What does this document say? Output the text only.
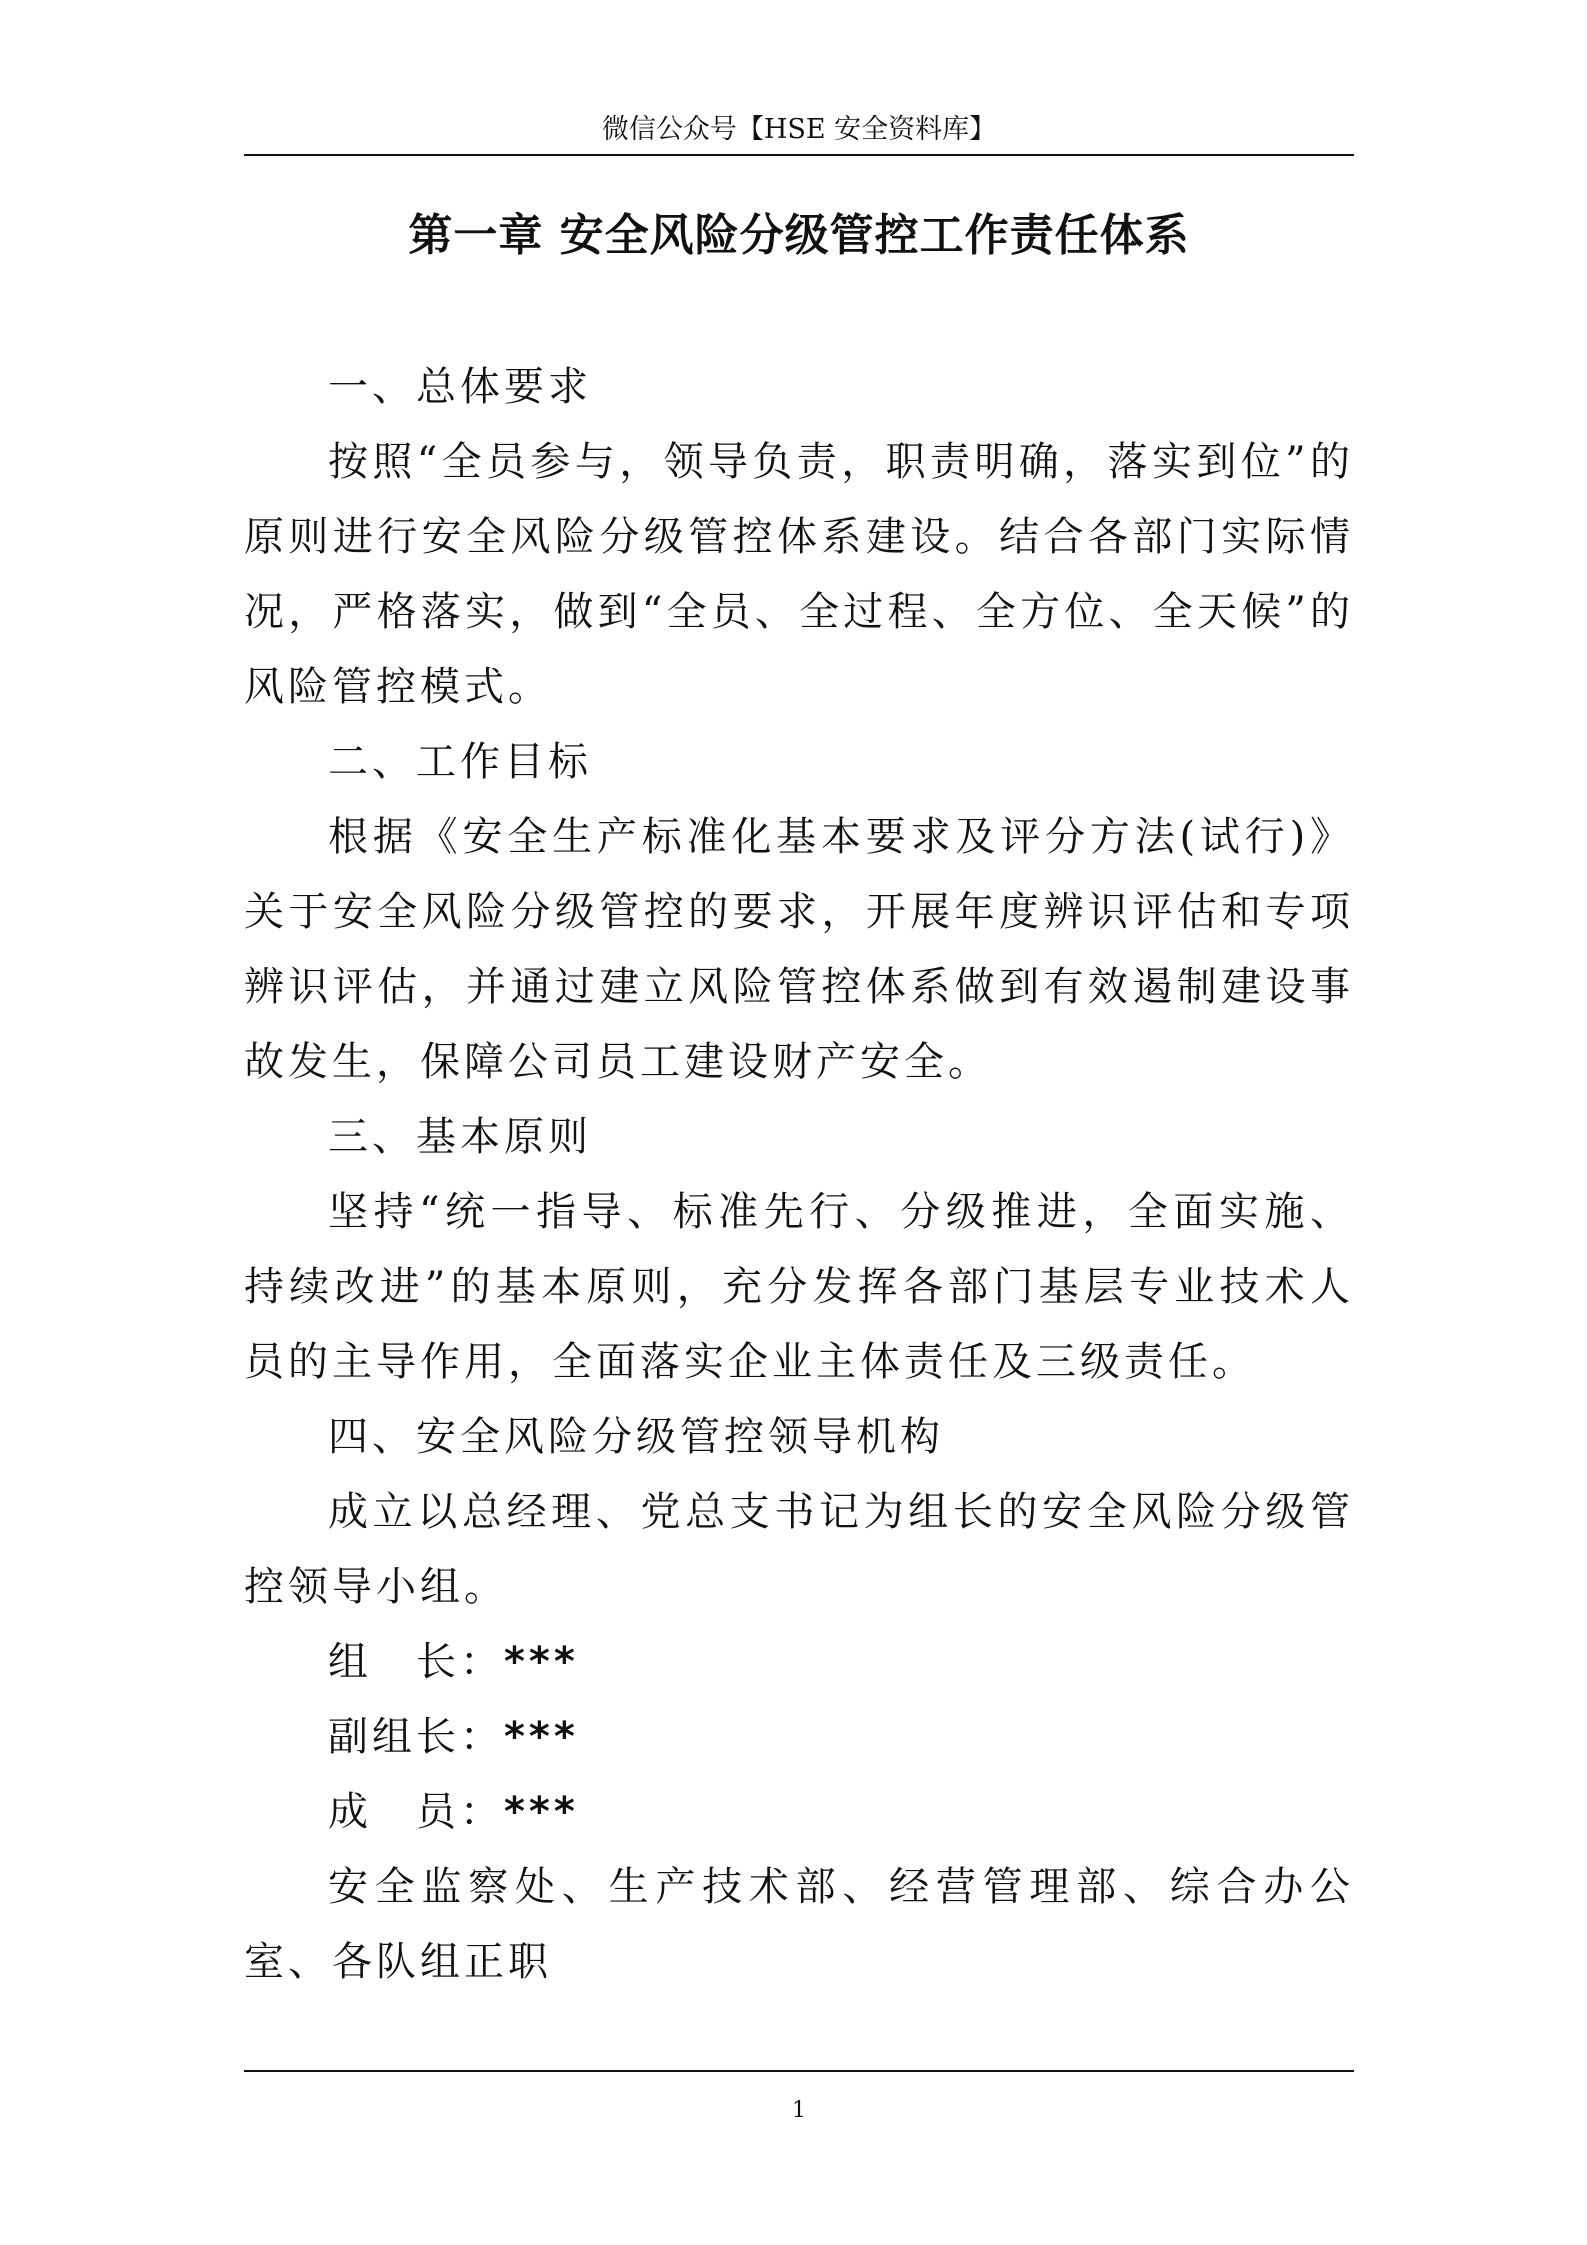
微信公众号【HSE 安全资料库】
第一章 安全风险分级管控工作责任体系

一、总体要求

按照“全员参与，领导负责，职责明确，落实到位”的原则进行安全风险分级管控体系建设。结合各部门实际情况，严格落实，做到“全员、全过程、全方位、全天候”的风险管控模式。

二、工作目标

根据《安全生产标准化基本要求及评分方法(试行)》关于安全风险分级管控的要求，开展年度辨识评估和专项辨识评估，并通过建立风险管控体系做到有效遏制建设事故发生，保障公司员工建设财产安全。

三、基本原则

坚持“统一指导、标准先行、分级推进，全面实施、持续改进”的基本原则，充分发挥各部门基层专业技术人员的主导作用，全面落实企业主体责任及三级责任。

四、安全风险分级管控领导机构

成立以总经理、党总支书记为组长的安全风险分级管控领导小组。

组　长：***

副组长：***

成　员：***

安全监察处、生产技术部、经营管理部、综合办公室、各队组正职

1
